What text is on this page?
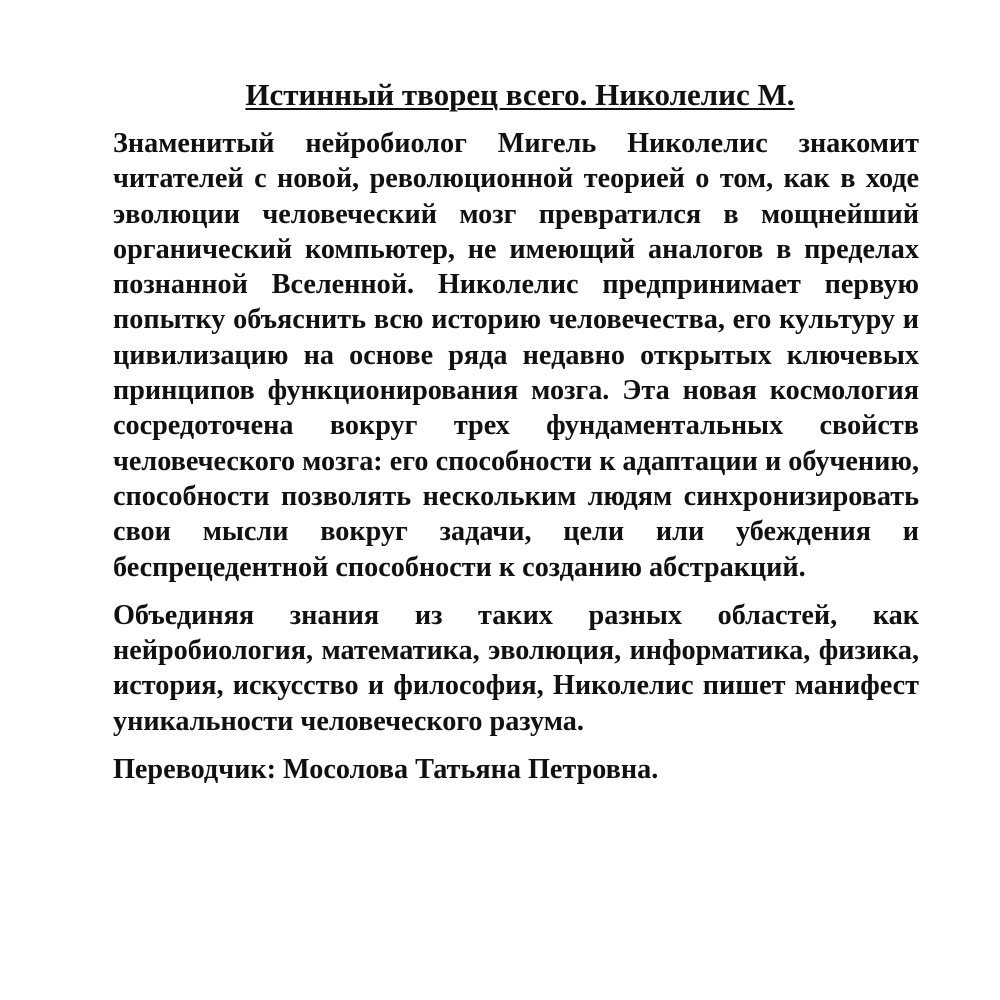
Истинный творец всего. Николелис М.

Знаменитый нейробиолог Мигель Николелис знакомит читателей с новой, революционной теорией о том, как в ходе эволюции человеческий мозг превратился в мощнейший органический компьютер, не имеющий аналогов в пределах познанной Вселенной. Николелис предпринимает первую попытку объяснить всю историю человечества, его культуру и цивилизацию на основе ряда недавно открытых ключевых принципов функционирования мозга. Эта новая космология сосредоточена вокруг трех фундаментальных свойств человеческого мозга: его способности к адаптации и обучению, способности позволять нескольким людям синхронизировать свои мысли вокруг задачи, цели или убеждения и беспрецедентной способности к созданию абстракций.

Объединяя знания из таких разных областей, как нейробиология, математика, эволюция, информатика, физика, история, искусство и философия, Николелис пишет манифест уникальности человеческого разума.

Переводчик: Мосолова Татьяна Петровна.
